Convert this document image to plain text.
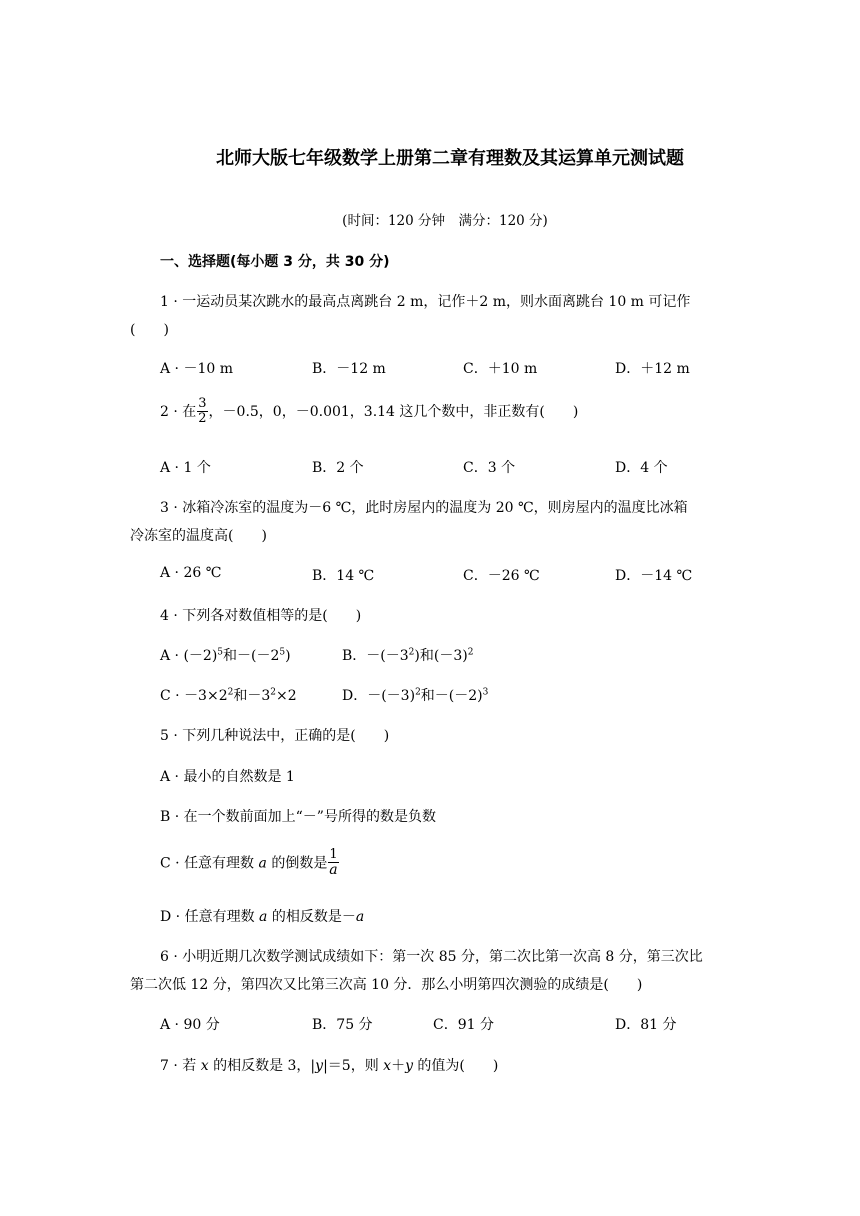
北师大版七年级数学上册第二章有理数及其运算单元测试题
(时间：120 分钟　满分：120 分)
一、选择题(每小题 3 分，共 30 分)
1 · 一运动员某次跳水的最高点离跳台 2 m，记作＋2 m，则水面离跳台 10 m 可记作
(　　)
A · －10 m	B．－12 m	C．＋10 m	D．＋12 m
2 · 在 $\frac{3}{2}$ ，－0.5，0，－0.001，3.14 这几个数中，非正数有(　　)
A · 1 个	B．2 个	C．3 个	D．4 个
3 · 冰箱冷冻室的温度为－6 ℃，此时房屋内的温度为 20 ℃，则房屋内的温度比冰箱
冷冻室的温度高(　　)
A · 26 ℃	B．14 ℃	C．－26 ℃	D．－14 ℃
4 · 下列各对数值相等的是(　　)
$A \cdot (-2)^5$和$-(-2^5)$	B．$-(-3^2)$和$(-3)^2$
$C \cdot -3\times 2^2$和$-3^2\times 2$	D．$-(-3)^2$和$-(-2)^3$
5 · 下列几种说法中，正确的是(　　)
A · 最小的自然数是 1
B · 在一个数前面加上“－”号所得的数是负数
C · 任意有理数 a 的倒数是 $\frac{1}{a}$
D · 任意有理数 a 的相反数是－a
6 · 小明近期几次数学测试成绩如下：第一次 85 分，第二次比第一次高 8 分，第三次比
第二次低 12 分，第四次又比第三次高 10 分．那么小明第四次测验的成绩是(　　)
A · 90 分	B．75 分	C．91 分	D．81 分
7 · 若 x 的相反数是 3，|y|＝5，则 x＋y 的值为(　　)
